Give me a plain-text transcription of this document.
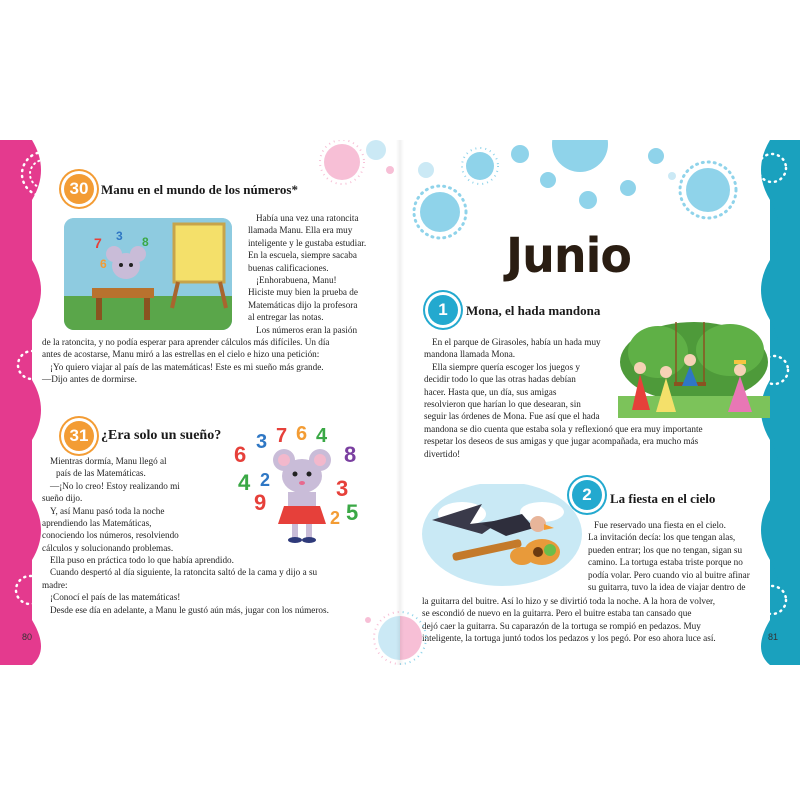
30 Manu en el mundo de los números*
7 3 8
6

Había una vez una ratoncita

llamada Manu. Ella era muy

inteligente y le gustaba estudiar.

En la escuela, siempre sacaba

buenas calificaciones.

¡Enhorabuena, Manu!

Hiciste muy bien la prueba de

Matemáticas dijo la profesora

al entregar las notas.

Los números eran la pasión

de la ratoncita, y no podía esperar para aprender cálculos más difíciles. Un día

antes de acostarse, Manu miró a las estrellas en el cielo e hizo una petición:

¡Yo quiero viajar al país de las matemáticas! Este es mi sueño más grande.

—Dijo antes de dormirse.

31 ¿Era solo un sueño?

Mientras dormía, Manu llegó al

país de las Matemáticas.

—¡No lo creo! Estoy realizando mi

sueño dijo.

Y, así Manu pasó toda la noche

aprendiendo las Matemáticas,

conociendo los números, resolviendo

cálculos y solucionando problemas.

6 3 7 6 4
8
4
9
2	3
5
2

Ella puso en práctica todo lo que había aprendido.

Cuando despertó al día siguiente, la ratoncita saltó de la cama y dijo a su

madre:

¡Conocí el país de las matemáticas!

Desde ese día en adelante, a Manu le gustó aún más, jugar con los números.

80
Junio
1	Mona, el hada mandona

En el parque de Girasoles, había un hada muy

mandona llamada Mona.

Ella siempre quería escoger los juegos y

decidir todo lo que las otras hadas debían

hacer. Hasta que, un día, sus amigas

resolvieron que harían lo que desearan, sin

seguir las órdenes de Mona. Fue así que el hada

mandona se dio cuenta que estaba sola y reflexionó que era muy importante

respetar los deseos de sus amigas y que jugar acompañada, era mucho más

divertido!

2	La fiesta en el cielo

Fue reservado una fiesta en el cielo.

La invitación decía: los que tengan alas,

pueden entrar; los que no tengan, sigan su

camino. La tortuga estaba triste porque no

podía volar. Pero cuando vio al buitre afinar

su guitarra, tuvo la idea de viajar dentro de

la guitarra del buitre. Así lo hizo y se divirtió toda la noche. A la hora de volver,

se escondió de nuevo en la guitarra. Pero el buitre estaba tan cansado que

dejó caer la guitarra. Su caparazón de la tortuga se rompió en pedazos. Muy

inteligente, la tortuga juntó todos los pedazos y los pegó. Por eso ahora luce así.	81
